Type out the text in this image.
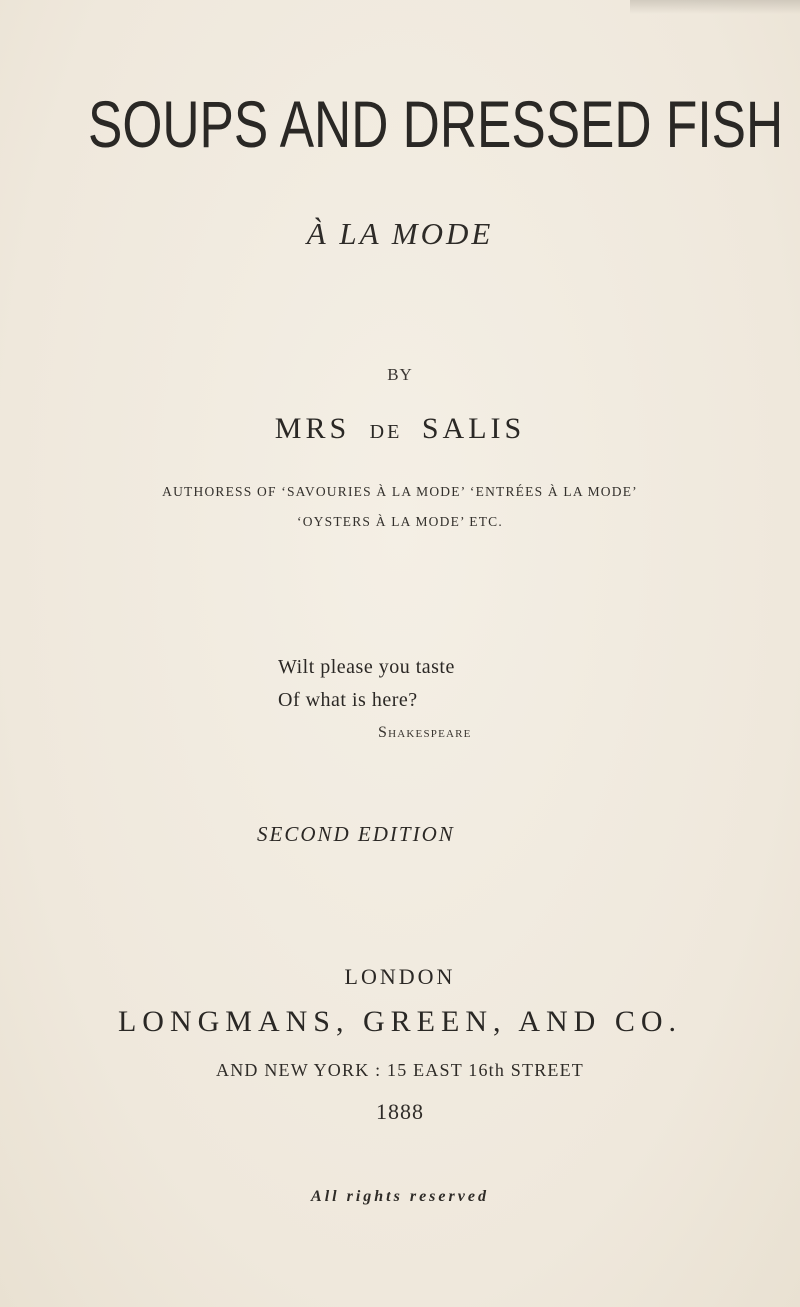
SOUPS AND DRESSED FISH
À LA MODE
BY
MRS DE SALIS
AUTHORESS OF ‘SAVOURIES À LA MODE’ ‘ENTRÉES À LA MODE’
‘OYSTERS À LA MODE’ ETC.
Wilt please you taste
Of what is here?
Shakespeare
SECOND EDITION
LONDON
LONGMANS, GREEN, AND CO.
AND NEW YORK : 15 EAST 16th STREET
1888
All rights reserved
